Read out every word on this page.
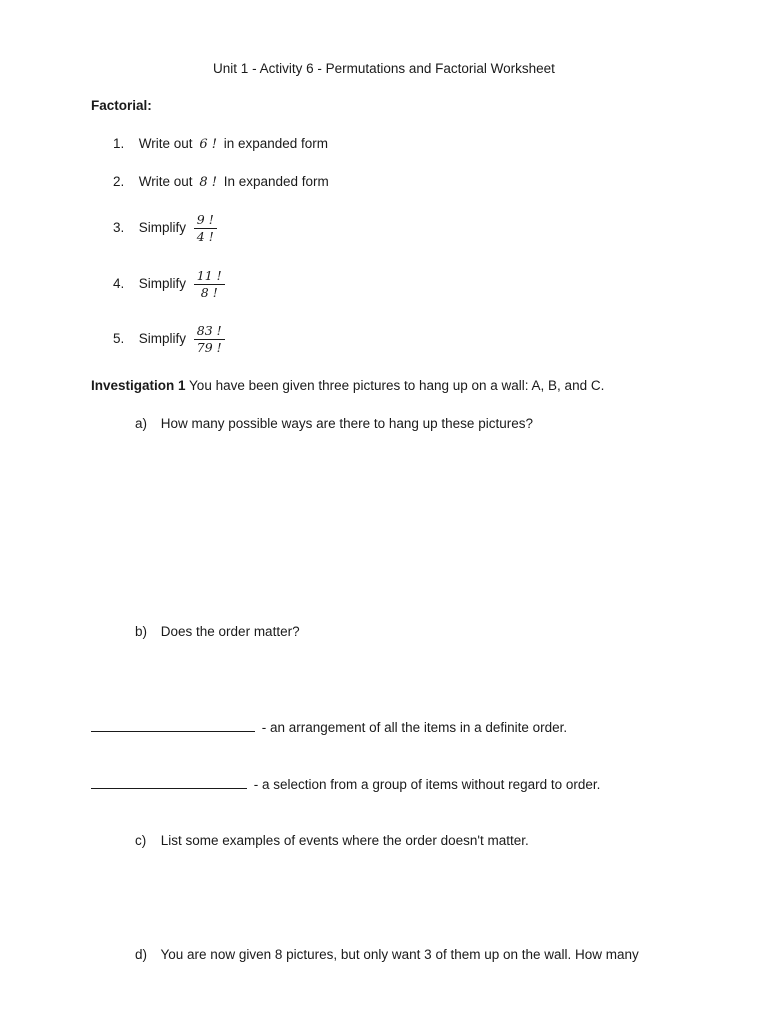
Unit 1 - Activity 6 - Permutations and Factorial Worksheet
Factorial:
1. Write out 6 ! in expanded form
2. Write out 8 ! In expanded form
3. Simplify $\frac{9 !}{4 !}$
4. Simplify $\frac{11 !}{8 !}$
5. Simplify $\frac{83 !}{79 !}$
Investigation 1 You have been given three pictures to hang up on a wall: A, B, and C.
a) How many possible ways are there to hang up these pictures?
b) Does the order matter?
- an arrangement of all the items in a definite order.
- a selection from a group of items without regard to order.
c) List some examples of events where the order doesn't matter.
d) You are now given 8 pictures, but only want 3 of them up on the wall. How many
